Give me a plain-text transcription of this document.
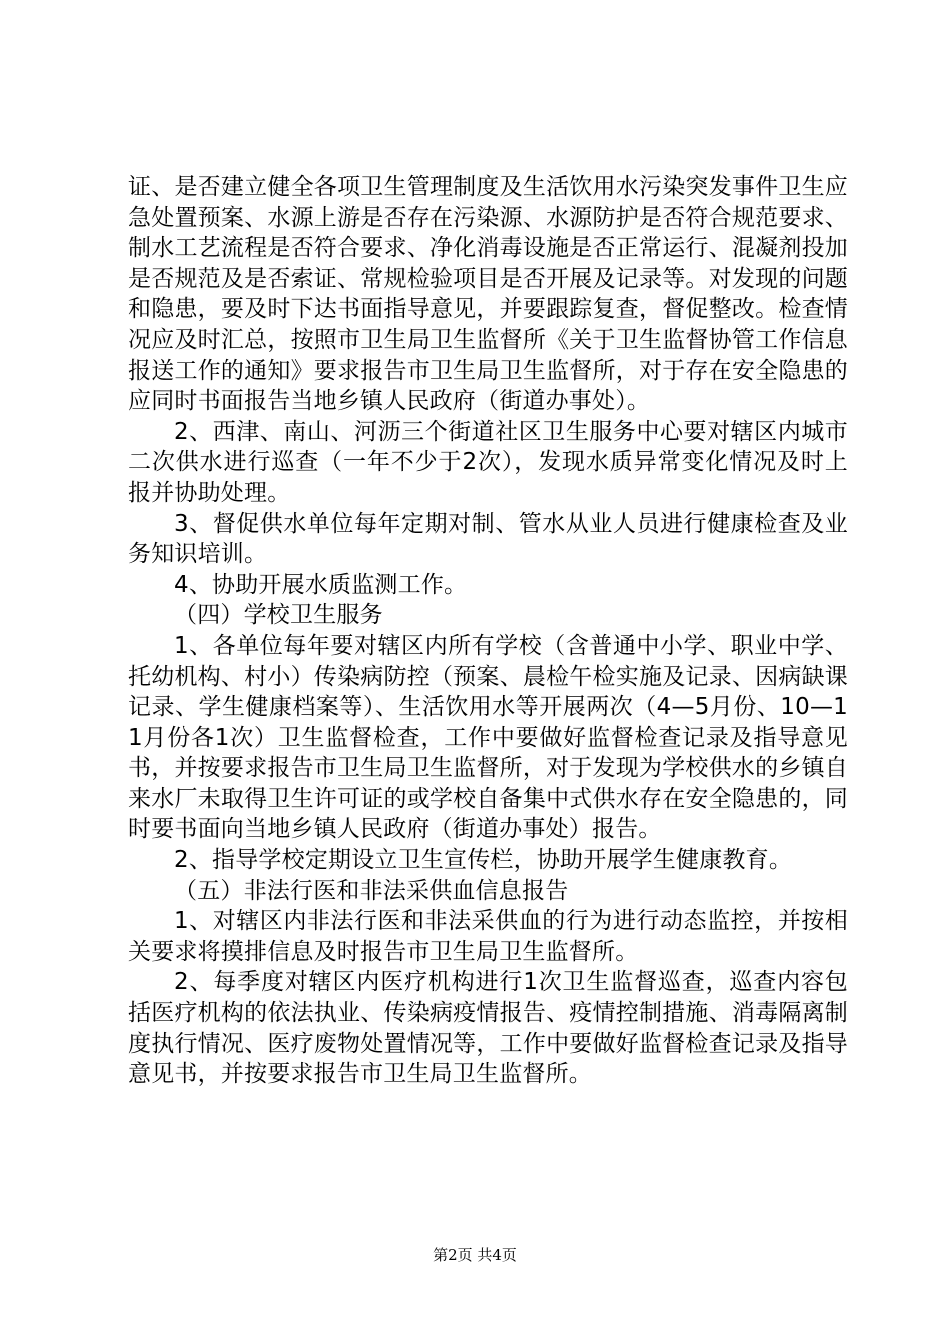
证、是否建立健全各项卫生管理制度及生活饮用水污染突发事件卫生应急处置预案、水源上游是否存在污染源、水源防护是否符合规范要求、制水工艺流程是否符合要求、净化消毒设施是否正常运行、混凝剂投加是否规范及是否索证、常规检验项目是否开展及记录等。对发现的问题和隐患，要及时下达书面指导意见，并要跟踪复查，督促整改。检查情况应及时汇总，按照市卫生局卫生监督所《关于卫生监督协管工作信息报送工作的通知》要求报告市卫生局卫生监督所，对于存在安全隐患的应同时书面报告当地乡镇人民政府（街道办事处）。

2、西津、南山、河沥三个街道社区卫生服务中心要对辖区内城市二次供水进行巡查（一年不少于2次），发现水质异常变化情况及时上报并协助处理。

3、督促供水单位每年定期对制、管水从业人员进行健康检查及业务知识培训。

4、协助开展水质监测工作。

（四）学校卫生服务

1、各单位每年要对辖区内所有学校（含普通中小学、职业中学、托幼机构、村小）传染病防控（预案、晨检午检实施及记录、因病缺课记录、学生健康档案等）、生活饮用水等开展两次（4—5月份、10—11月份各1次）卫生监督检查，工作中要做好监督检查记录及指导意见书，并按要求报告市卫生局卫生监督所，对于发现为学校供水的乡镇自来水厂未取得卫生许可证的或学校自备集中式供水存在安全隐患的，同时要书面向当地乡镇人民政府（街道办事处）报告。

2、指导学校定期设立卫生宣传栏，协助开展学生健康教育。

（五）非法行医和非法采供血信息报告

1、对辖区内非法行医和非法采供血的行为进行动态监控，并按相关要求将摸排信息及时报告市卫生局卫生监督所。

2、每季度对辖区内医疗机构进行1次卫生监督巡查，巡查内容包括医疗机构的依法执业、传染病疫情报告、疫情控制措施、消毒隔离制度执行情况、医疗废物处置情况等，工作中要做好监督检查记录及指导意见书，并按要求报告市卫生局卫生监督所。

第2页 共4页
